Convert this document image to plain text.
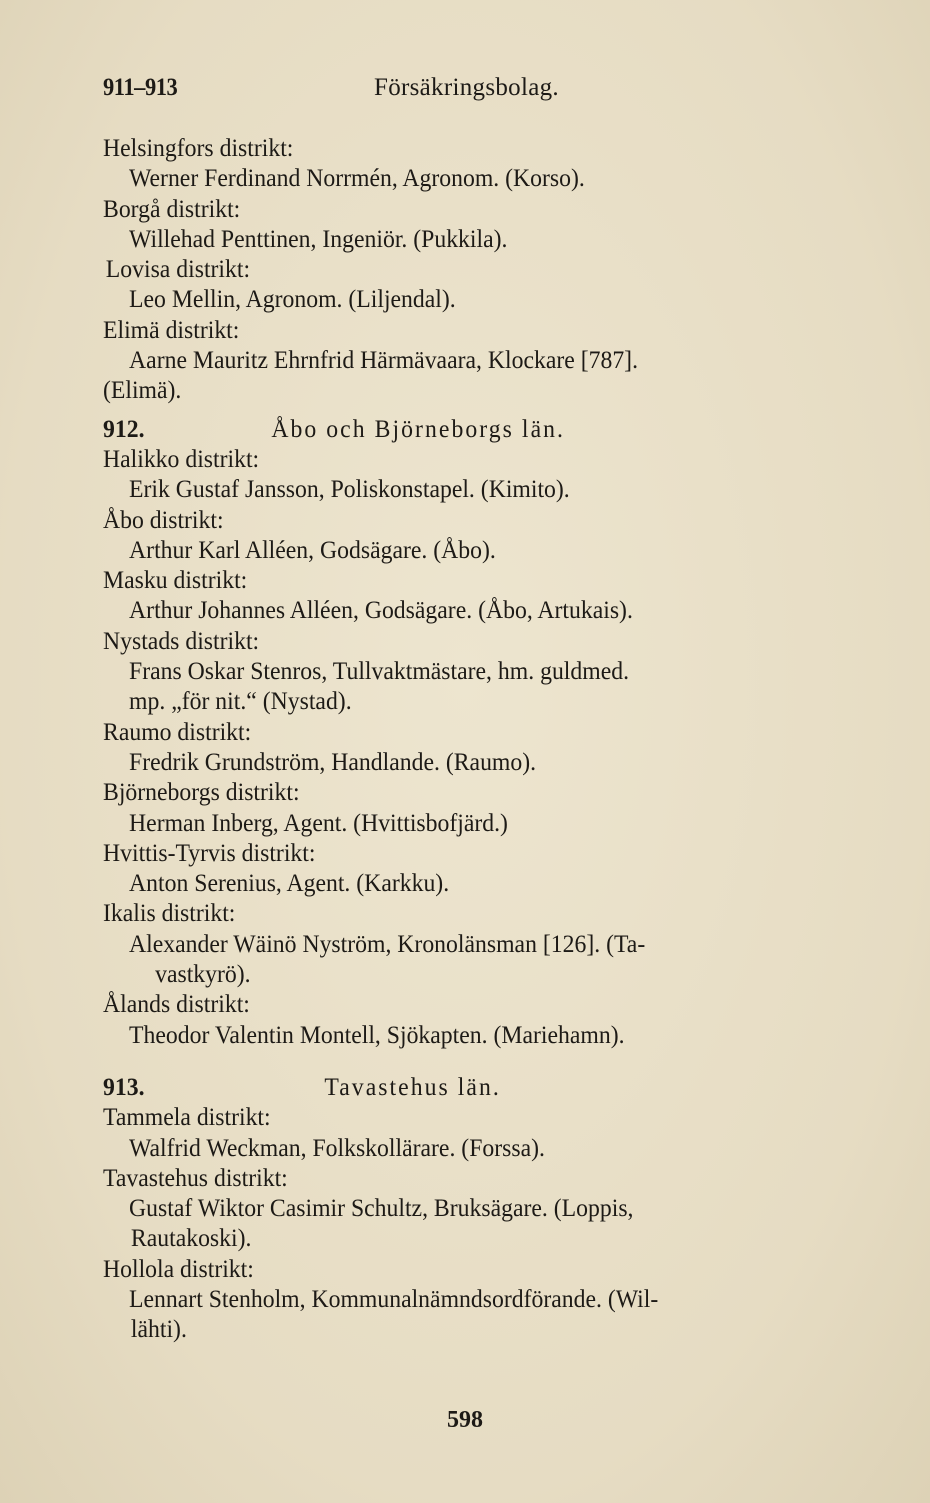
911–913	Försäkringsbolag.
Helsingfors distrikt:
Werner Ferdinand Norrmén, Agronom. (Korso).
Borgå distrikt:
Willehad Penttinen, Ingeniör. (Pukkila).
Lovisa distrikt:
Leo Mellin, Agronom. (Liljendal).
Elimä distrikt:
Aarne Mauritz Ehrnfrid Härmävaara, Klockare [787].
(Elimä).
912.	Åbo och Björneborgs län.
Halikko distrikt:
Erik Gustaf Jansson, Poliskonstapel. (Kimito).
Åbo distrikt:
Arthur Karl Alléen, Godsägare. (Åbo).
Masku distrikt:
Arthur Johannes Alléen, Godsägare. (Åbo, Artukais).
Nystads distrikt:
Frans Oskar Stenros, Tullvaktmästare, hm. guldmed.
mp. „för nit.“ (Nystad).
Raumo distrikt:
Fredrik Grundström, Handlande. (Raumo).
Björneborgs distrikt:
Herman Inberg, Agent. (Hvittisbofjärd.)
Hvittis-Tyrvis distrikt:
Anton Serenius, Agent. (Karkku).
Ikalis distrikt:
Alexander Wäinö Nyström, Kronolänsman [126]. (Ta-
vastkyrö).
Ålands distrikt:
Theodor Valentin Montell, Sjökapten. (Mariehamn).
913.	Tavastehus län.
Tammela distrikt:
Walfrid Weckman, Folkskollärare. (Forssa).
Tavastehus distrikt:
Gustaf Wiktor Casimir Schultz, Bruksägare. (Loppis,
Rautakoski).
Hollola distrikt:
Lennart Stenholm, Kommunalnämndsordförande. (Wil-
lähti).
598
